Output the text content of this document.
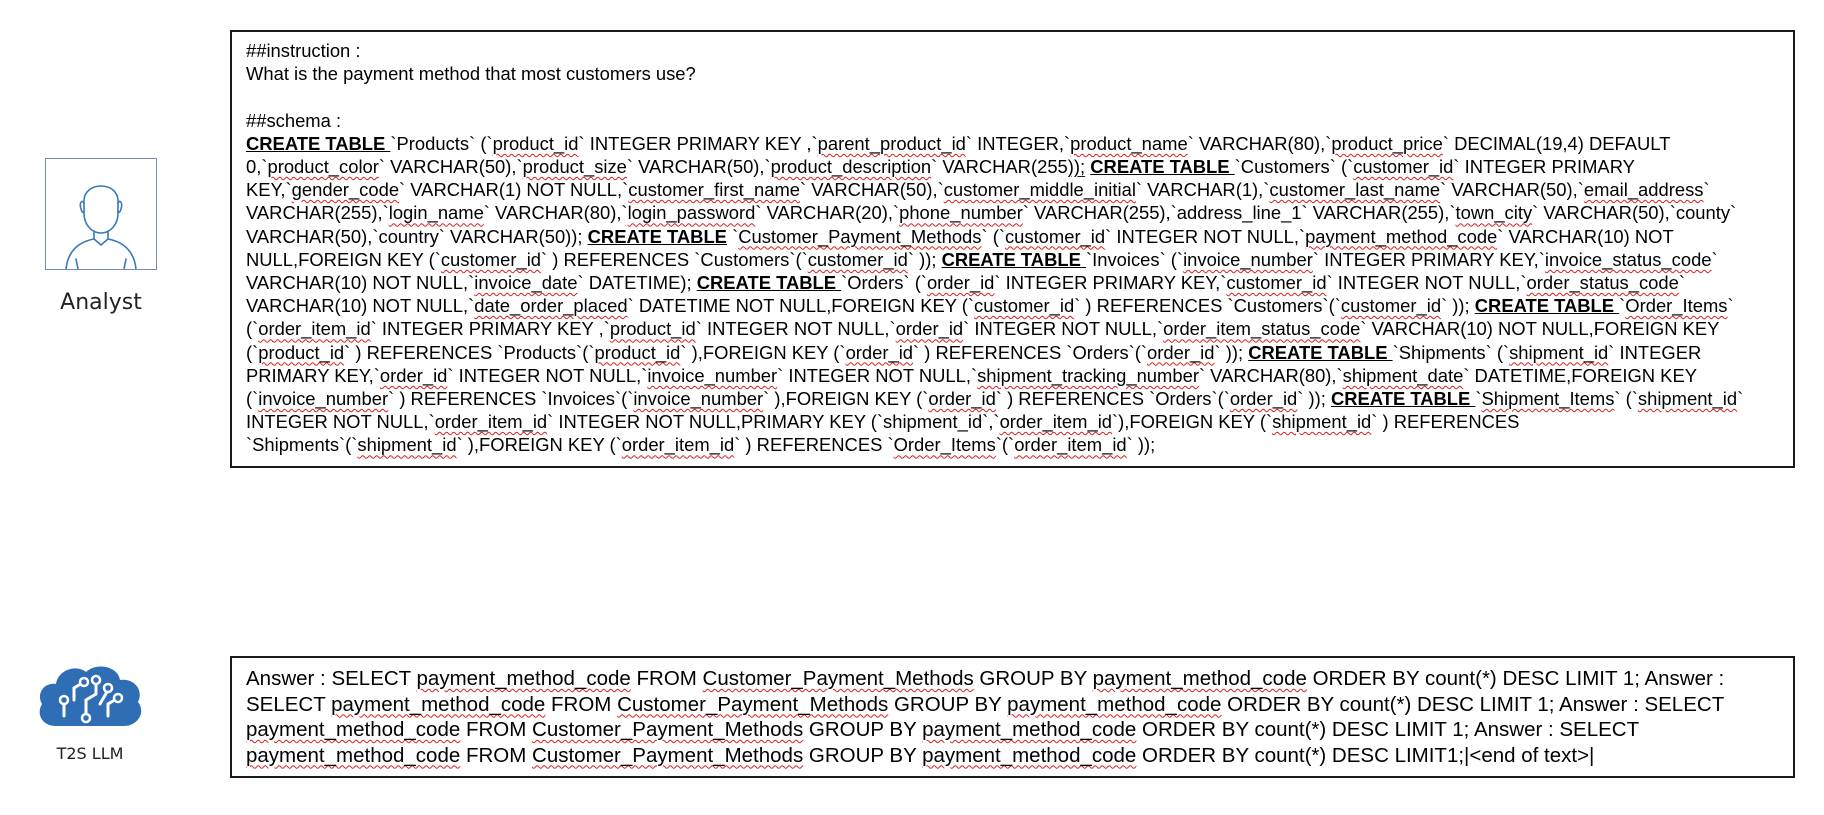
Analyst
T2S LLM
##instruction :
What is the payment method that most customers use?
##schema :
CREATE TABLE `Products` (`product_id` INTEGER PRIMARY KEY ,`parent_product_id` INTEGER,`product_name` VARCHAR(80),`product_price` DECIMAL(19,4) DEFAULT
0,`product_color` VARCHAR(50),`product_size` VARCHAR(50),`product_description` VARCHAR(255)); CREATE TABLE `Customers` (`customer_id` INTEGER PRIMARY
KEY,`gender_code` VARCHAR(1) NOT NULL,`customer_first_name` VARCHAR(50),`customer_middle_initial` VARCHAR(1),`customer_last_name` VARCHAR(50),`email_address`
VARCHAR(255),`login_name` VARCHAR(80),`login_password` VARCHAR(20),`phone_number` VARCHAR(255),`address_line_1` VARCHAR(255),`town_city` VARCHAR(50),`county`
VARCHAR(50),`country` VARCHAR(50)); CREATE TABLE `Customer_Payment_Methods` (`customer_id` INTEGER NOT NULL,`payment_method_code` VARCHAR(10) NOT
NULL,FOREIGN KEY (`customer_id` ) REFERENCES `Customers`(`customer_id` )); CREATE TABLE `Invoices` (`invoice_number` INTEGER PRIMARY KEY,`invoice_status_code`
VARCHAR(10) NOT NULL,`invoice_date` DATETIME); CREATE TABLE `Orders` (`order_id` INTEGER PRIMARY KEY,`customer_id` INTEGER NOT NULL,`order_status_code`
VARCHAR(10) NOT NULL,`date_order_placed` DATETIME NOT NULL,FOREIGN KEY (`customer_id` ) REFERENCES `Customers`(`customer_id` )); CREATE TABLE `Order_Items`
(`order_item_id` INTEGER PRIMARY KEY ,`product_id` INTEGER NOT NULL,`order_id` INTEGER NOT NULL,`order_item_status_code` VARCHAR(10) NOT NULL,FOREIGN KEY
(`product_id` ) REFERENCES `Products`(`product_id` ),FOREIGN KEY (`order_id` ) REFERENCES `Orders`(`order_id` )); CREATE TABLE `Shipments` (`shipment_id` INTEGER
PRIMARY KEY,`order_id` INTEGER NOT NULL,`invoice_number` INTEGER NOT NULL,`shipment_tracking_number` VARCHAR(80),`shipment_date` DATETIME,FOREIGN KEY
(`invoice_number` ) REFERENCES `Invoices`(`invoice_number` ),FOREIGN KEY (`order_id` ) REFERENCES `Orders`(`order_id` )); CREATE TABLE `Shipment_Items` (`shipment_id`
INTEGER NOT NULL,`order_item_id` INTEGER NOT NULL,PRIMARY KEY (`shipment_id`,`order_item_id`),FOREIGN KEY (`shipment_id` ) REFERENCES
`Shipments`(`shipment_id` ),FOREIGN KEY (`order_item_id` ) REFERENCES `Order_Items`(`order_item_id` ));
Answer : SELECT payment_method_code FROM Customer_Payment_Methods GROUP BY payment_method_code ORDER BY count(*) DESC LIMIT 1; Answer :
SELECT payment_method_code FROM Customer_Payment_Methods GROUP BY payment_method_code ORDER BY count(*) DESC LIMIT 1; Answer : SELECT
payment_method_code FROM Customer_Payment_Methods GROUP BY payment_method_code ORDER BY count(*) DESC LIMIT 1; Answer : SELECT
payment_method_code FROM Customer_Payment_Methods GROUP BY payment_method_code ORDER BY count(*) DESC LIMIT1;|<end of text>|
